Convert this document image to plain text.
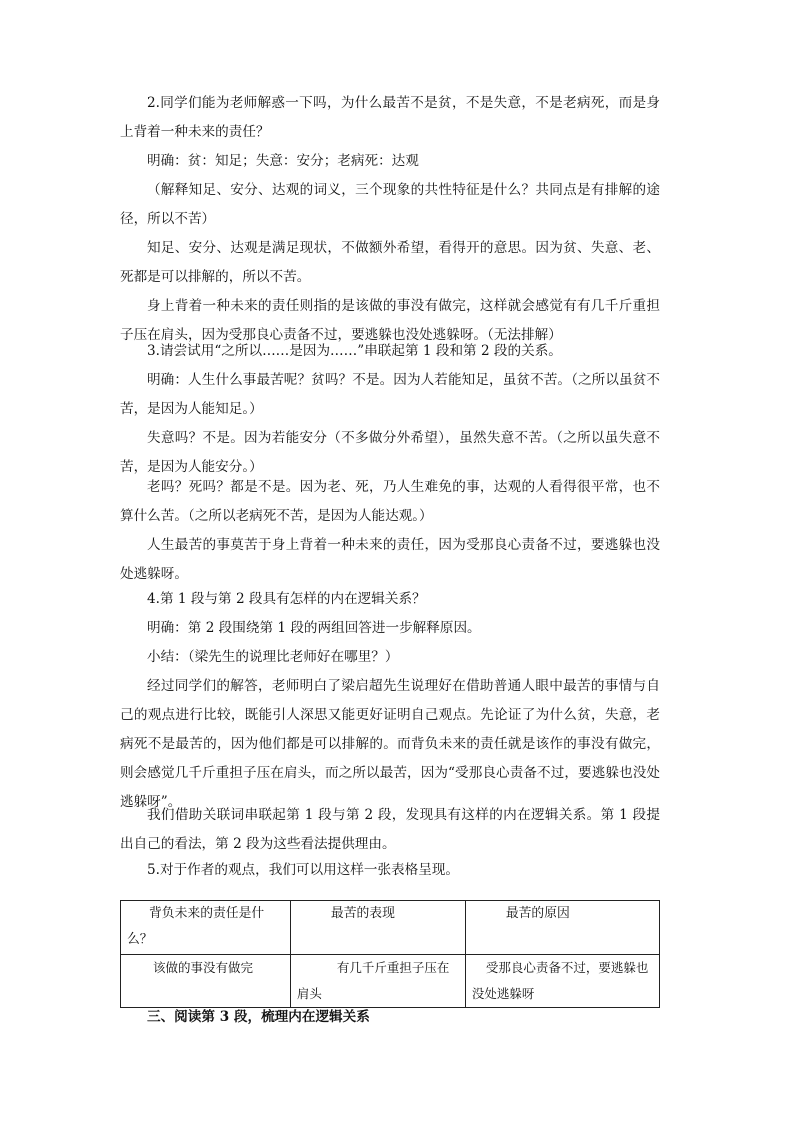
2.同学们能为老师解惑一下吗，为什么最苦不是贫，不是失意，不是老病死，而是身上背着一种未来的责任？

明确：贫：知足；失意：安分；老病死：达观

（解释知足、安分、达观的词义，三个现象的共性特征是什么？共同点是有排解的途径，所以不苦）

知足、安分、达观是满足现状，不做额外希望，看得开的意思。因为贫、失意、老、死都是可以排解的，所以不苦。

身上背着一种未来的责任则指的是该做的事没有做完，这样就会感觉有有几千斤重担子压在肩头，因为受那良心责备不过，要逃躲也没处逃躲呀。（无法排解）

3.请尝试用“之所以……是因为……”串联起第 1 段和第 2 段的关系。

明确：人生什么事最苦呢？贫吗？不是。因为人若能知足，虽贫不苦。（之所以虽贫不苦，是因为人能知足。）

失意吗？不是。因为若能安分（不多做分外希望），虽然失意不苦。（之所以虽失意不苦，是因为人能安分。）

老吗？死吗？都是不是。因为老、死，乃人生难免的事，达观的人看得很平常，也不算什么苦。（之所以老病死不苦，是因为人能达观。）

人生最苦的事莫苦于身上背着一种未来的责任，因为受那良心责备不过，要逃躲也没处逃躲呀。

4.第 1 段与第 2 段具有怎样的内在逻辑关系？

明确：第 2 段围绕第 1 段的两组回答进一步解释原因。

小结：（梁先生的说理比老师好在哪里？）

经过同学们的解答，老师明白了梁启超先生说理好在借助普通人眼中最苦的事情与自己的观点进行比较，既能引人深思又能更好证明自己观点。先论证了为什么贫，失意，老病死不是最苦的，因为他们都是可以排解的。而背负未来的责任就是该作的事没有做完，则会感觉几千斤重担子压在肩头，而之所以最苦，因为“受那良心责备不过，要逃躲也没处逃躲呀”。

我们借助关联词串联起第 1 段与第 2 段，发现具有这样的内在逻辑关系。第 1 段提出自己的看法，第 2 段为这些看法提供理由。

5.对于作者的观点，我们可以用这样一张表格呈现。

背负未来的责任是什么？	最苦的表现	最苦的原因
该做的事没有做完	有几千斤重担子压在肩头	受那良心责备不过，要逃躲也没处逃躲呀

三、阅读第 3 段，梳理内在逻辑关系
